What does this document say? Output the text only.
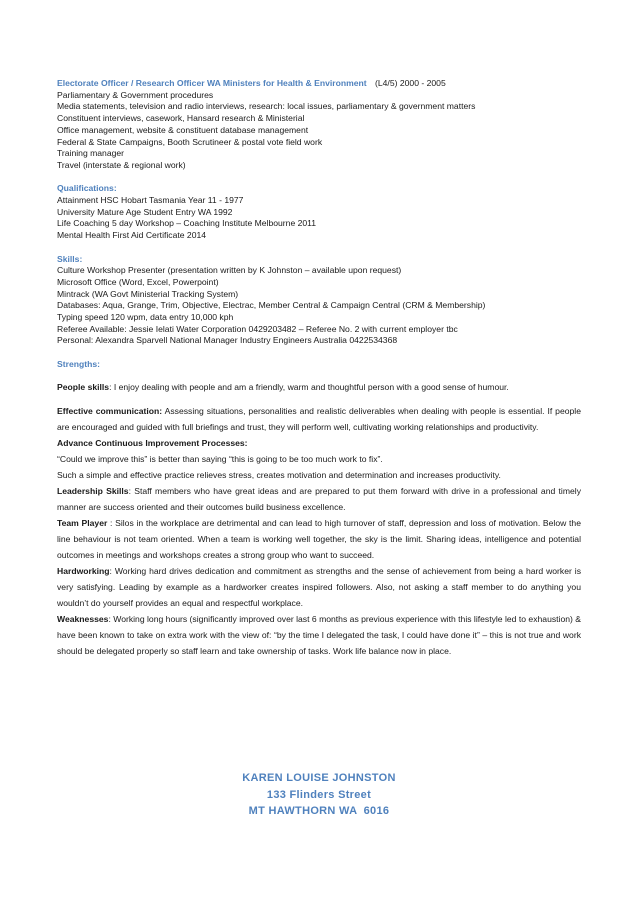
Electorate Officer / Research Officer WA Ministers for Health & Environment (L4/5) 2000 - 2005
Parliamentary & Government procedures
Media statements, television and radio interviews, research: local issues, parliamentary & government matters
Constituent interviews, casework, Hansard research & Ministerial
Office management, website & constituent database management
Federal & State Campaigns, Booth Scrutineer & postal vote field work
Training manager
Travel (interstate & regional work)
Qualifications:
Attainment HSC Hobart Tasmania Year 11 - 1977
University Mature Age Student Entry WA 1992
Life Coaching 5 day Workshop – Coaching Institute Melbourne 2011
Mental Health First Aid Certificate 2014
Skills:
Culture Workshop Presenter (presentation written by K Johnston – available upon request)
Microsoft Office (Word, Excel, Powerpoint)
Mintrack (WA Govt Ministerial Tracking System)
Databases: Aqua, Grange, Trim, Objective, Electrac, Member Central & Campaign Central (CRM & Membership)
Typing speed 120 wpm, data entry 10,000 kph
Referee Available: Jessie Ielati Water Corporation 0429203482 – Referee No. 2 with current employer tbc
Personal: Alexandra Sparvell National Manager Industry Engineers Australia 0422534368
Strengths:
People skills: I enjoy dealing with people and am a friendly, warm and thoughtful person with a good sense of humour.
Effective communication: Assessing situations, personalities and realistic deliverables when dealing with people is essential. If people are encouraged and guided with full briefings and trust, they will perform well, cultivating working relationships and productivity.
Advance Continuous Improvement Processes:
“Could we improve this” is better than saying “this is going to be too much work to fix”.
Such a simple and effective practice relieves stress, creates motivation and determination and increases productivity.
Leadership Skills: Staff members who have great ideas and are prepared to put them forward with drive in a professional and timely manner are success oriented and their outcomes build business excellence.
Team Player : Silos in the workplace are detrimental and can lead to high turnover of staff, depression and loss of motivation. Below the line behaviour is not team oriented. When a team is working well together, the sky is the limit. Sharing ideas, intelligence and potential outcomes in meetings and workshops creates a strong group who want to succeed.
Hardworking: Working hard drives dedication and commitment as strengths and the sense of achievement from being a hard worker is very satisfying. Leading by example as a hardworker creates inspired followers. Also, not asking a staff member to do anything you wouldn’t do yourself provides an equal and respectful workplace.
Weaknesses: Working long hours (significantly improved over last 6 months as previous experience with this lifestyle led to exhaustion) & have been known to take on extra work with the view of: “by the time I delegated the task, I could have done it” – this is not true and work should be delegated properly so staff learn and take ownership of tasks. Work life balance now in place.
KAREN LOUISE JOHNSTON
133 Flinders Street
MT HAWTHORN WA  6016
